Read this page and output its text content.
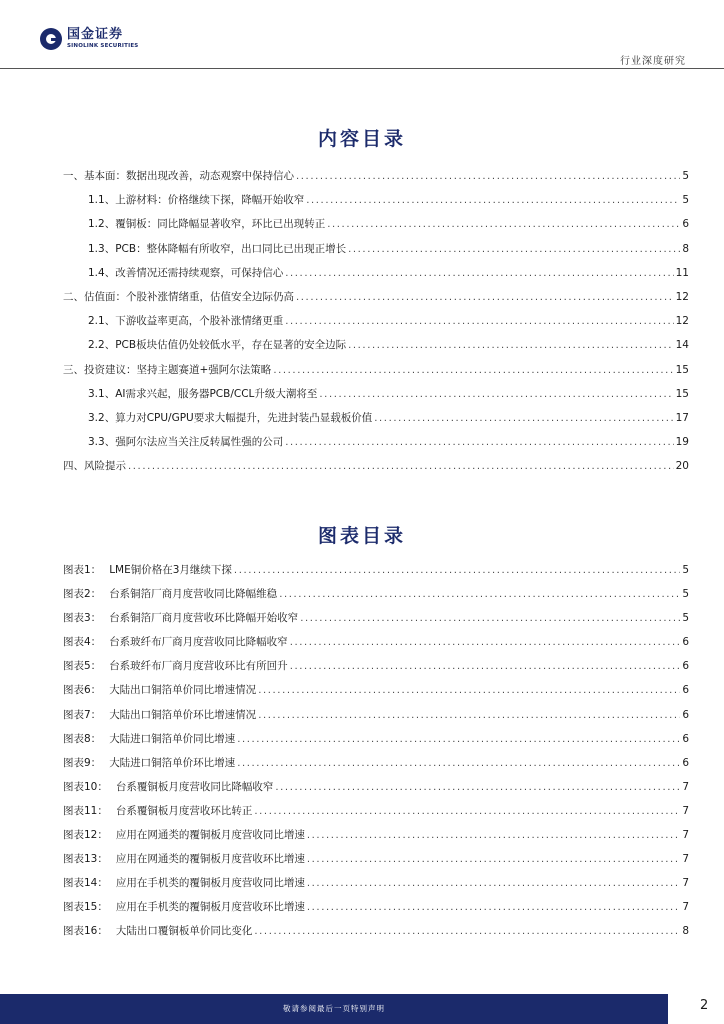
国金证券
SINOLINK SECURITIES
行业深度研究
内容目录
一、基本面：数据出现改善，动态观察中保持信心 .....	5
1.1、上游材料：价格继续下探，降幅开始收窄 .....	5
1.2、覆铜板：同比降幅显著收窄，环比已出现转正 .....	6
1.3、PCB：整体降幅有所收窄，出口同比已出现正增长 .....	8
1.4、改善情况还需持续观察，可保持信心 .....	11
二、估值面：个股补涨情绪重，估值安全边际仍高 .....	12
2.1、下游收益率更高，个股补涨情绪更重 .....	12
2.2、PCB板块估值仍处较低水平，存在显著的安全边际 .....	14
三、投资建议：坚持主题赛道+强阿尔法策略 .....	15
3.1、AI需求兴起，服务器PCB/CCL升级大潮将至 .....	15
3.2、算力对CPU/GPU要求大幅提升，先进封装凸显载板价值 .....	17
3.3、强阿尔法应当关注反转属性强的公司 .....	19
四、风险提示 .....	20
图表目录
图表1： LME铜价格在3月继续下探 .....	5
图表2： 台系铜箔厂商月度营收同比降幅维稳 .....	5
图表3： 台系铜箔厂商月度营收环比降幅开始收窄 .....	5
图表4： 台系玻纤布厂商月度营收同比降幅收窄 .....	6
图表5： 台系玻纤布厂商月度营收环比有所回升 .....	6
图表6： 大陆出口铜箔单价同比增速情况 .....	6
图表7： 大陆出口铜箔单价环比增速情况 .....	6
图表8： 大陆进口铜箔单价同比增速 .....	6
图表9： 大陆进口铜箔单价环比增速 .....	6
图表10： 台系覆铜板月度营收同比降幅收窄 .....	7
图表11： 台系覆铜板月度营收环比转正 .....	7
图表12： 应用在网通类的覆铜板月度营收同比增速 .....	7
图表13： 应用在网通类的覆铜板月度营收环比增速 .....	7
图表14： 应用在手机类的覆铜板月度营收同比增速 .....	7
图表15： 应用在手机类的覆铜板月度营收环比增速 .....	7
图表16： 大陆出口覆铜板单价同比变化 .....	8
敬请参阅最后一页特别声明	2
